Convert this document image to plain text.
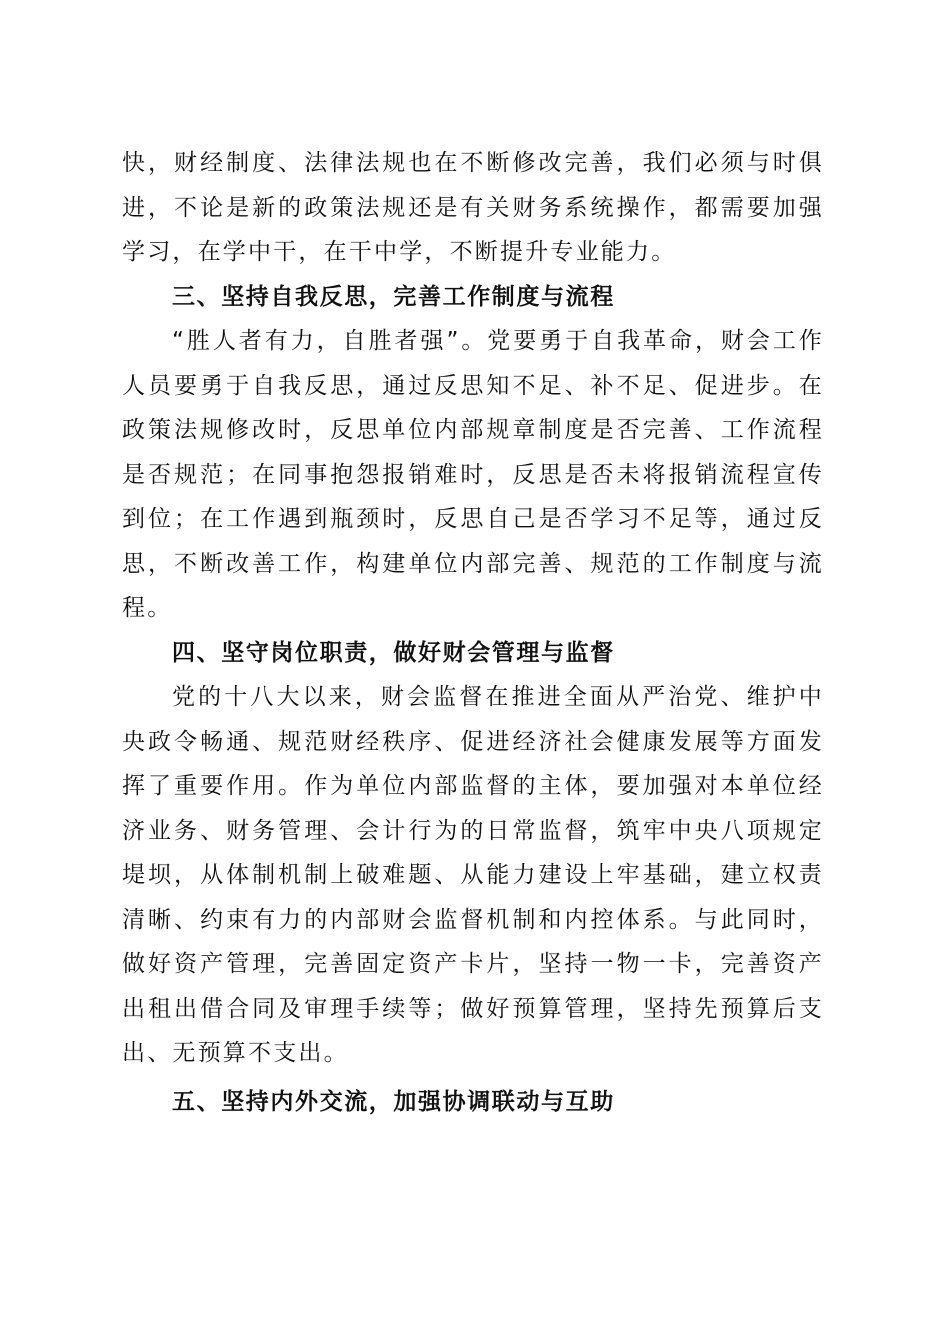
快，财经制度、法律法规也在不断修改完善，我们必须与时俱进，不论是新的政策法规还是有关财务系统操作，都需要加强学习，在学中干，在干中学，不断提升专业能力。

三、坚持自我反思，完善工作制度与流程

“胜人者有力，自胜者强”。党要勇于自我革命，财会工作人员要勇于自我反思，通过反思知不足、补不足、促进步。在政策法规修改时，反思单位内部规章制度是否完善、工作流程是否规范；在同事抱怨报销难时，反思是否未将报销流程宣传到位；在工作遇到瓶颈时，反思自己是否学习不足等，通过反思，不断改善工作，构建单位内部完善、规范的工作制度与流程。

四、坚守岗位职责，做好财会管理与监督

党的十八大以来，财会监督在推进全面从严治党、维护中央政令畅通、规范财经秩序、促进经济社会健康发展等方面发挥了重要作用。作为单位内部监督的主体，要加强对本单位经济业务、财务管理、会计行为的日常监督，筑牢中央八项规定堤坝，从体制机制上破难题、从能力建设上牢基础，建立权责清晰、约束有力的内部财会监督机制和内控体系。与此同时，做好资产管理，完善固定资产卡片，坚持一物一卡，完善资产出租出借合同及审理手续等；做好预算管理，坚持先预算后支出、无预算不支出。

五、坚持内外交流，加强协调联动与互助
